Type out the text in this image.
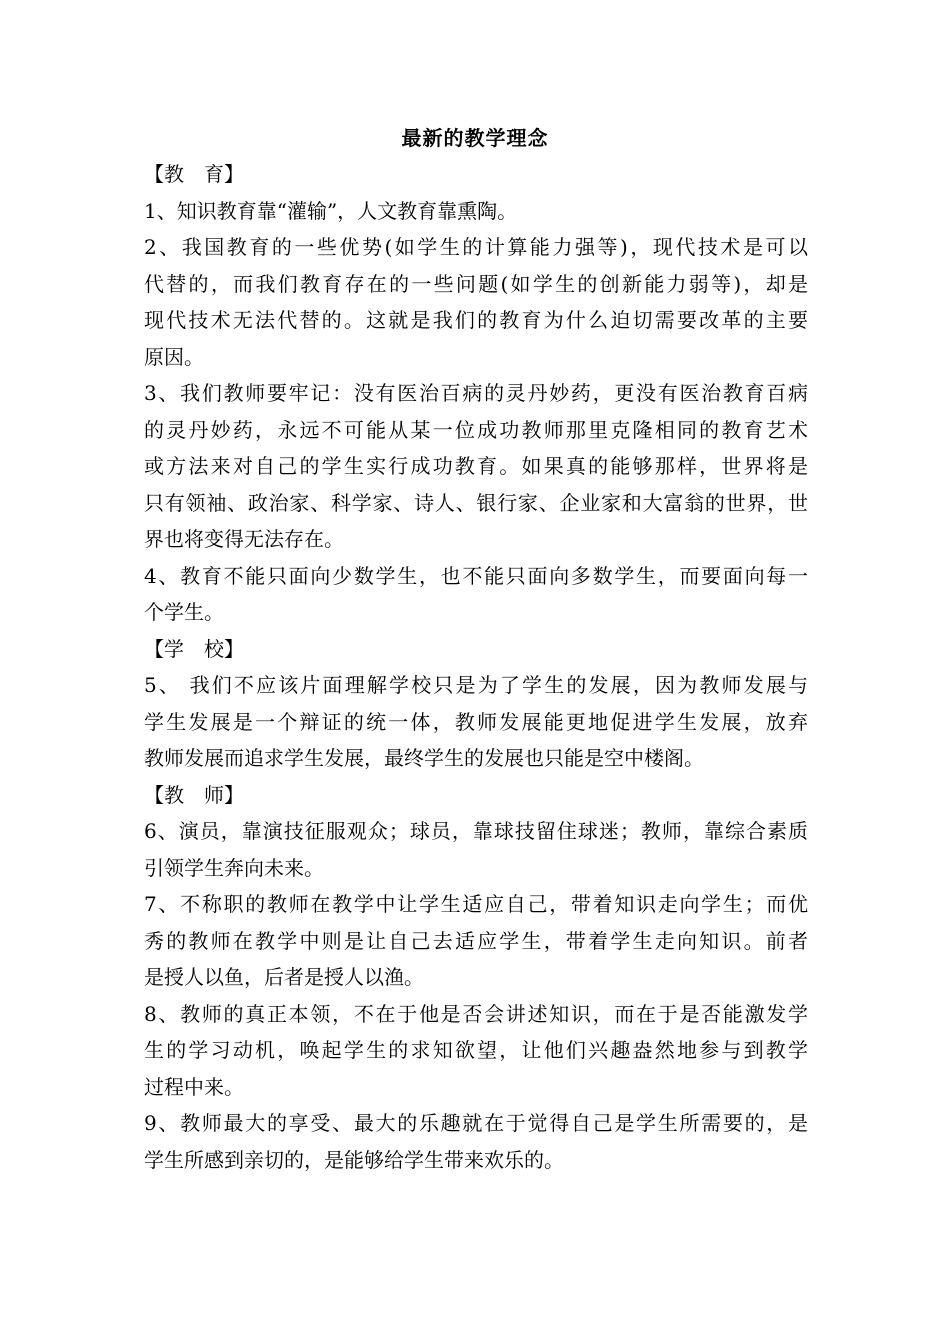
最新的教学理念
【教　育】
1、知识教育靠“灌输”，人文教育靠熏陶。
2、我国教育的一些优势(如学生的计算能力强等)，现代技术是可以
代替的，而我们教育存在的一些问题(如学生的创新能力弱等)，却是
现代技术无法代替的。这就是我们的教育为什么迫切需要改革的主要
原因。
3、我们教师要牢记：没有医治百病的灵丹妙药，更没有医治教育百病
的灵丹妙药，永远不可能从某一位成功教师那里克隆相同的教育艺术
或方法来对自己的学生实行成功教育。如果真的能够那样，世界将是
只有领袖、政治家、科学家、诗人、银行家、企业家和大富翁的世界，世
界也将变得无法存在。
4、教育不能只面向少数学生，也不能只面向多数学生，而要面向每一
个学生。
【学　校】
5、 我们不应该片面理解学校只是为了学生的发展，因为教师发展与
学生发展是一个辩证的统一体，教师发展能更地促进学生发展，放弃
教师发展而追求学生发展，最终学生的发展也只能是空中楼阁。
【教　师】
6、演员，靠演技征服观众；球员，靠球技留住球迷；教师，靠综合素质
引领学生奔向未来。
7、不称职的教师在教学中让学生适应自己，带着知识走向学生；而优
秀的教师在教学中则是让自己去适应学生，带着学生走向知识。前者
是授人以鱼，后者是授人以渔。
8、教师的真正本领，不在于他是否会讲述知识，而在于是否能激发学
生的学习动机，唤起学生的求知欲望，让他们兴趣盎然地参与到教学
过程中来。
9、教师最大的享受、最大的乐趣就在于觉得自己是学生所需要的，是
学生所感到亲切的，是能够给学生带来欢乐的。
